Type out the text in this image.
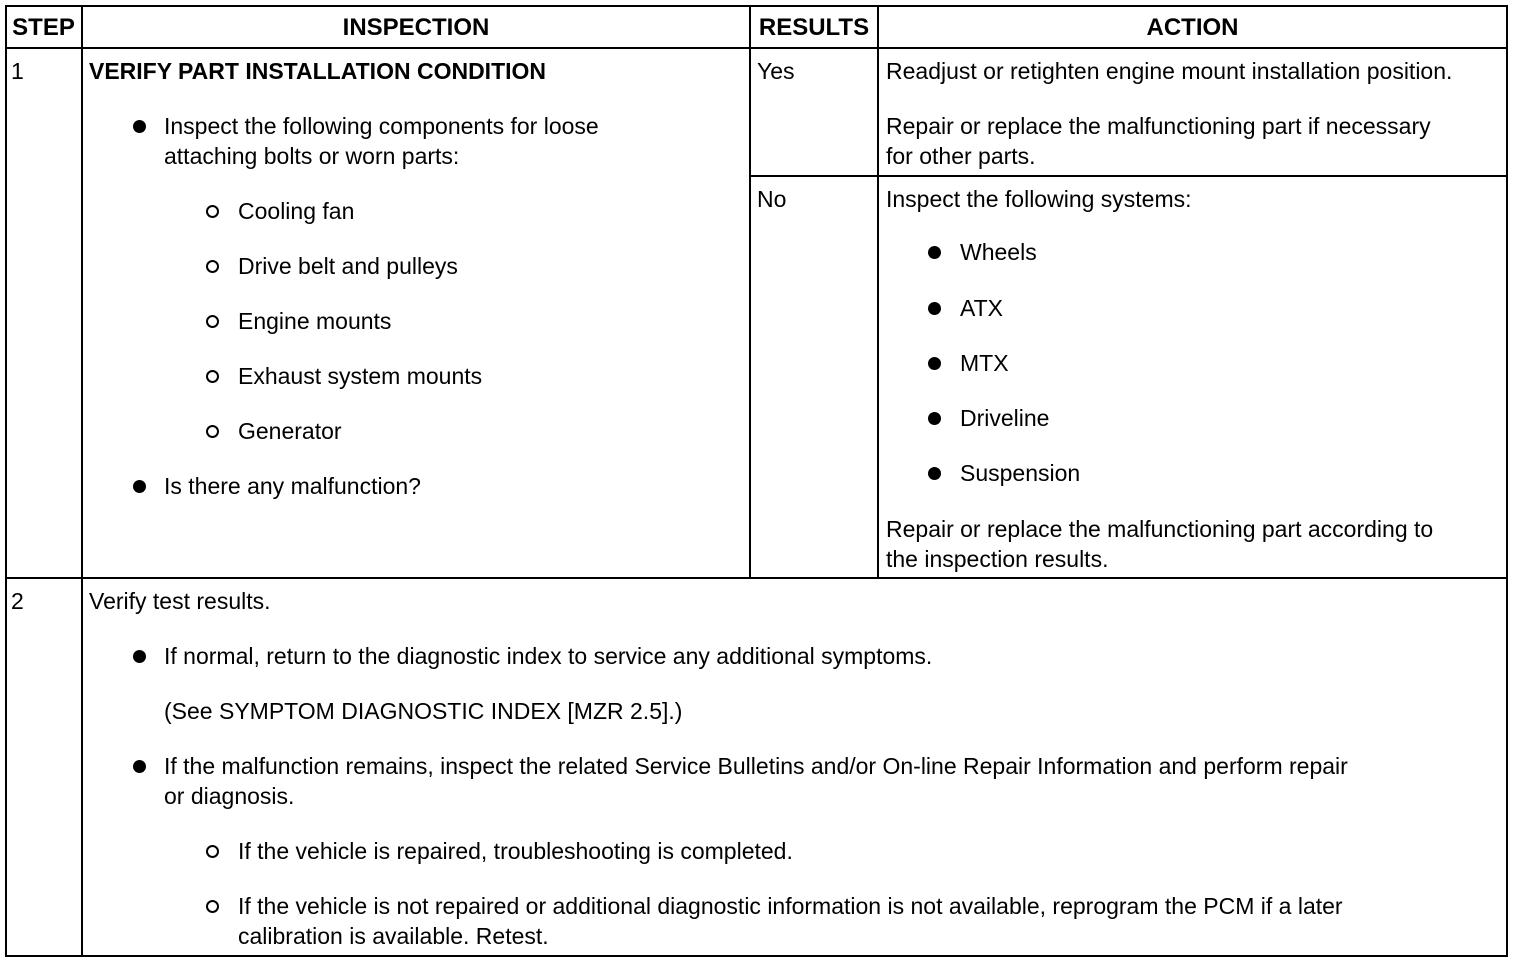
STEP	INSPECTION	RESULTS	ACTION
1	VERIFY PART INSTALLATION CONDITION
Inspect the following components for loose
attaching bolts or worn parts:
Cooling fan
Drive belt and pulleys
Engine mounts
Exhaust system mounts
Generator
Is there any malfunction?
Yes	Readjust or retighten engine mount installation position.
Repair or replace the malfunctioning part if necessary
for other parts.
No	Inspect the following systems:
Wheels
ATX
MTX
Driveline
Suspension
Repair or replace the malfunctioning part according to
the inspection results.
2	Verify test results.
If normal, return to the diagnostic index to service any additional symptoms.
(See SYMPTOM DIAGNOSTIC INDEX [MZR 2.5].)
If the malfunction remains, inspect the related Service Bulletins and/or On-line Repair Information and perform repair
or diagnosis.
If the vehicle is repaired, troubleshooting is completed.
If the vehicle is not repaired or additional diagnostic information is not available, reprogram the PCM if a later
calibration is available. Retest.
